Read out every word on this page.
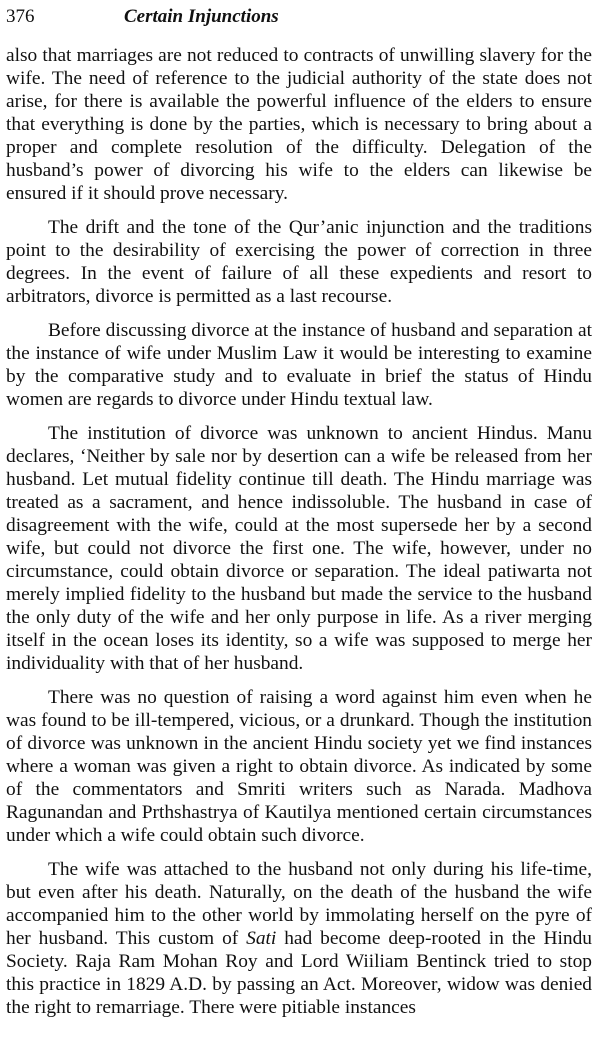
376	Certain Injunctions

also that marriages are not reduced to contracts of unwilling slavery for the wife. The need of reference to the judicial authority of the state does not arise, for there is available the powerful influence of the elders to ensure that everything is done by the parties, which is necessary to bring about a proper and complete resolution of the difficulty. Delegation of the husband’s power of divorcing his wife to the elders can likewise be ensured if it should prove necessary.

The drift and the tone of the Qur’anic injunction and the traditions point to the desirability of exercising the power of correction in three degrees. In the event of failure of all these expedients and resort to arbitrators, divorce is permitted as a last recourse.

Before discussing divorce at the instance of husband and separation at the instance of wife under Muslim Law it would be interesting to examine by the comparative study and to evaluate in brief the status of Hindu women are regards to divorce under Hindu textual law.

The institution of divorce was unknown to ancient Hindus. Manu declares, ‘Neither by sale nor by desertion can a wife be released from her husband. Let mutual fidelity continue till death. The Hindu marriage was treated as a sacrament, and hence indissoluble. The husband in case of disagreement with the wife, could at the most supersede her by a second wife, but could not divorce the first one. The wife, however, under no circumstance, could obtain divorce or separation. The ideal patiwarta not merely implied fidelity to the husband but made the service to the husband the only duty of the wife and her only purpose in life. As a river merging itself in the ocean loses its identity, so a wife was supposed to merge her individuality with that of her husband.

There was no question of raising a word against him even when he was found to be ill-tempered, vicious, or a drunkard. Though the institution of divorce was unknown in the ancient Hindu society yet we find instances where a woman was given a right to obtain divorce. As indicated by some of the commentators and Smriti writers such as Narada. Madhova Ragunandan and Prthshastrya of Kautilya mentioned certain circumstances under which a wife could obtain such divorce.

The wife was attached to the husband not only during his life-time, but even after his death. Naturally, on the death of the husband the wife accompanied him to the other world by immolating herself on the pyre of her husband. This custom of Sati had become deep-rooted in the Hindu Society. Raja Ram Mohan Roy and Lord Wiiliam Bentinck tried to stop this practice in 1829 A.D. by passing an Act. Moreover, widow was denied the right to remarriage. There were pitiable instances
